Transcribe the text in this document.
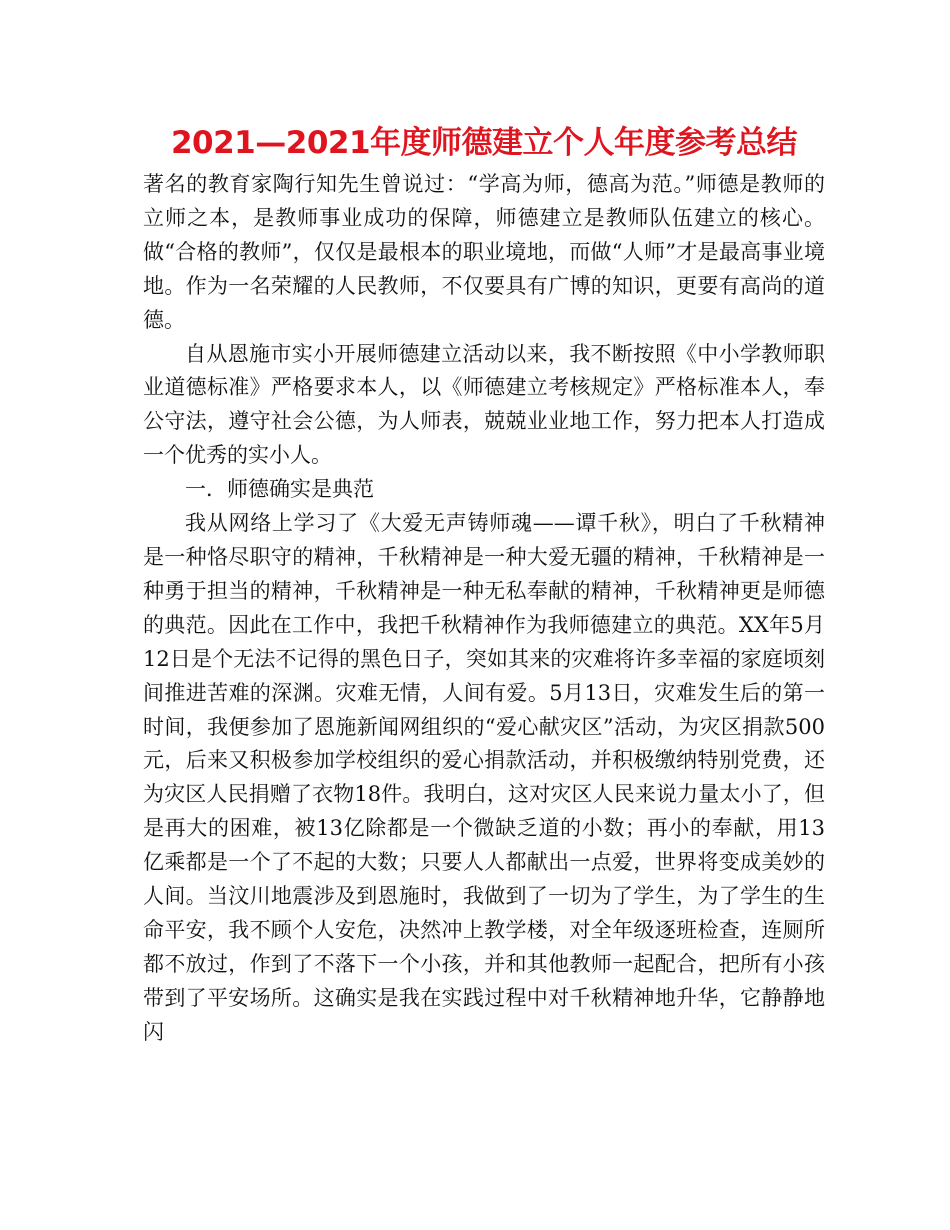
2021—2021年度师德建立个人年度参考总结

著名的教育家陶行知先生曾说过：“学高为师，德高为范。”师德是教师的立师之本，是教师事业成功的保障，师德建立是教师队伍建立的核心。做“合格的教师”，仅仅是最根本的职业境地，而做“人师”才是最高事业境地。作为一名荣耀的人民教师，不仅要具有广博的知识，更要有高尚的道德。

自从恩施市实小开展师德建立活动以来，我不断按照《中小学教师职业道德标准》严格要求本人，以《师德建立考核规定》严格标准本人，奉公守法，遵守社会公德，为人师表，兢兢业业地工作，努力把本人打造成一个优秀的实小人。

一．师德确实是典范

我从网络上学习了《大爱无声铸师魂——谭千秋》，明白了千秋精神是一种恪尽职守的精神，千秋精神是一种大爱无疆的精神，千秋精神是一种勇于担当的精神，千秋精神是一种无私奉献的精神，千秋精神更是师德的典范。因此在工作中，我把千秋精神作为我师德建立的典范。XX年5月12日是个无法不记得的黑色日子，突如其来的灾难将许多幸福的家庭顷刻间推进苦难的深渊。灾难无情，人间有爱。5月13日，灾难发生后的第一时间，我便参加了恩施新闻网组织的“爱心献灾区”活动，为灾区捐款500元，后来又积极参加学校组织的爱心捐款活动，并积极缴纳特别党费，还为灾区人民捐赠了衣物18件。我明白，这对灾区人民来说力量太小了，但是再大的困难，被13亿除都是一个微缺乏道的小数；再小的奉献，用13亿乘都是一个了不起的大数；只要人人都献出一点爱，世界将变成美妙的人间。当汶川地震涉及到恩施时，我做到了一切为了学生，为了学生的生命平安，我不顾个人安危，决然冲上教学楼，对全年级逐班检查，连厕所都不放过，作到了不落下一个小孩，并和其他教师一起配合，把所有小孩带到了平安场所。这确实是我在实践过程中对千秋精神地升华，它静静地闪
